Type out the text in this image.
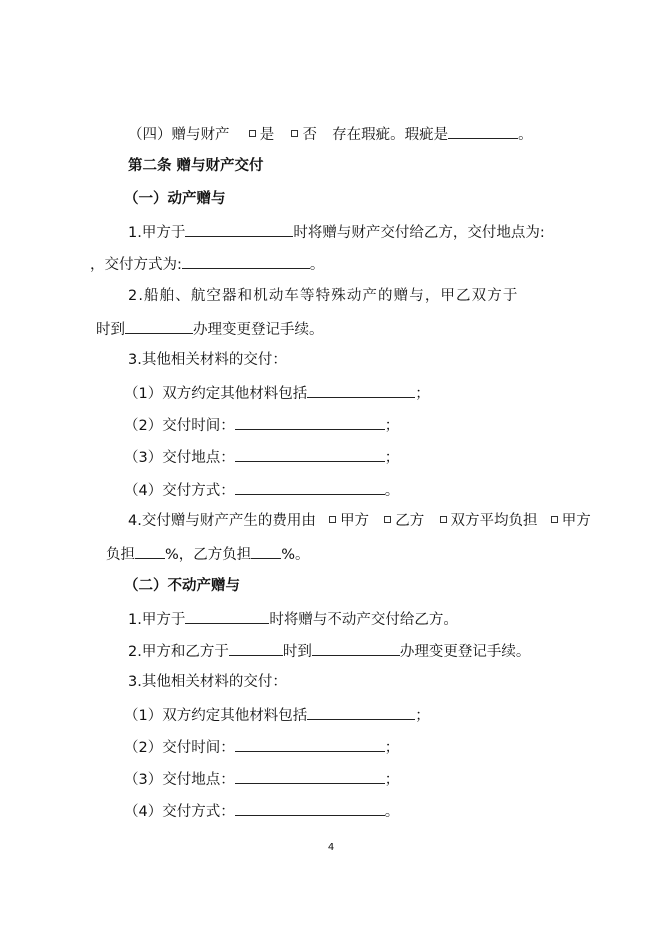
（四）赠与财产 是 否 存在瑕疵。瑕疵是	。
第二条 赠与财产交付
（一）动产赠与
1.甲方于	时将赠与财产交付给乙方，交付地点为:
，交付方式为:	。
2.船舶、航空器和机动车等特殊动产的赠与，甲乙双方于
时到	办理变更登记手续。
3.其他相关材料的交付：
（1）双方约定其他材料包括	；
（2）交付时间：	；
（3）交付地点：	；
（4）交付方式：	。
4.交付赠与财产产生的费用由 甲方 乙方 双方平均负担 甲方
负担 %，乙方负担 %。
（二）不动产赠与
1.甲方于	时将赠与不动产交付给乙方。
2.甲方和乙方于	时到	办理变更登记手续。
3.其他相关材料的交付：
（1）双方约定其他材料包括	；
（2）交付时间：	；
（3）交付地点：	；
（4）交付方式：	。
4
